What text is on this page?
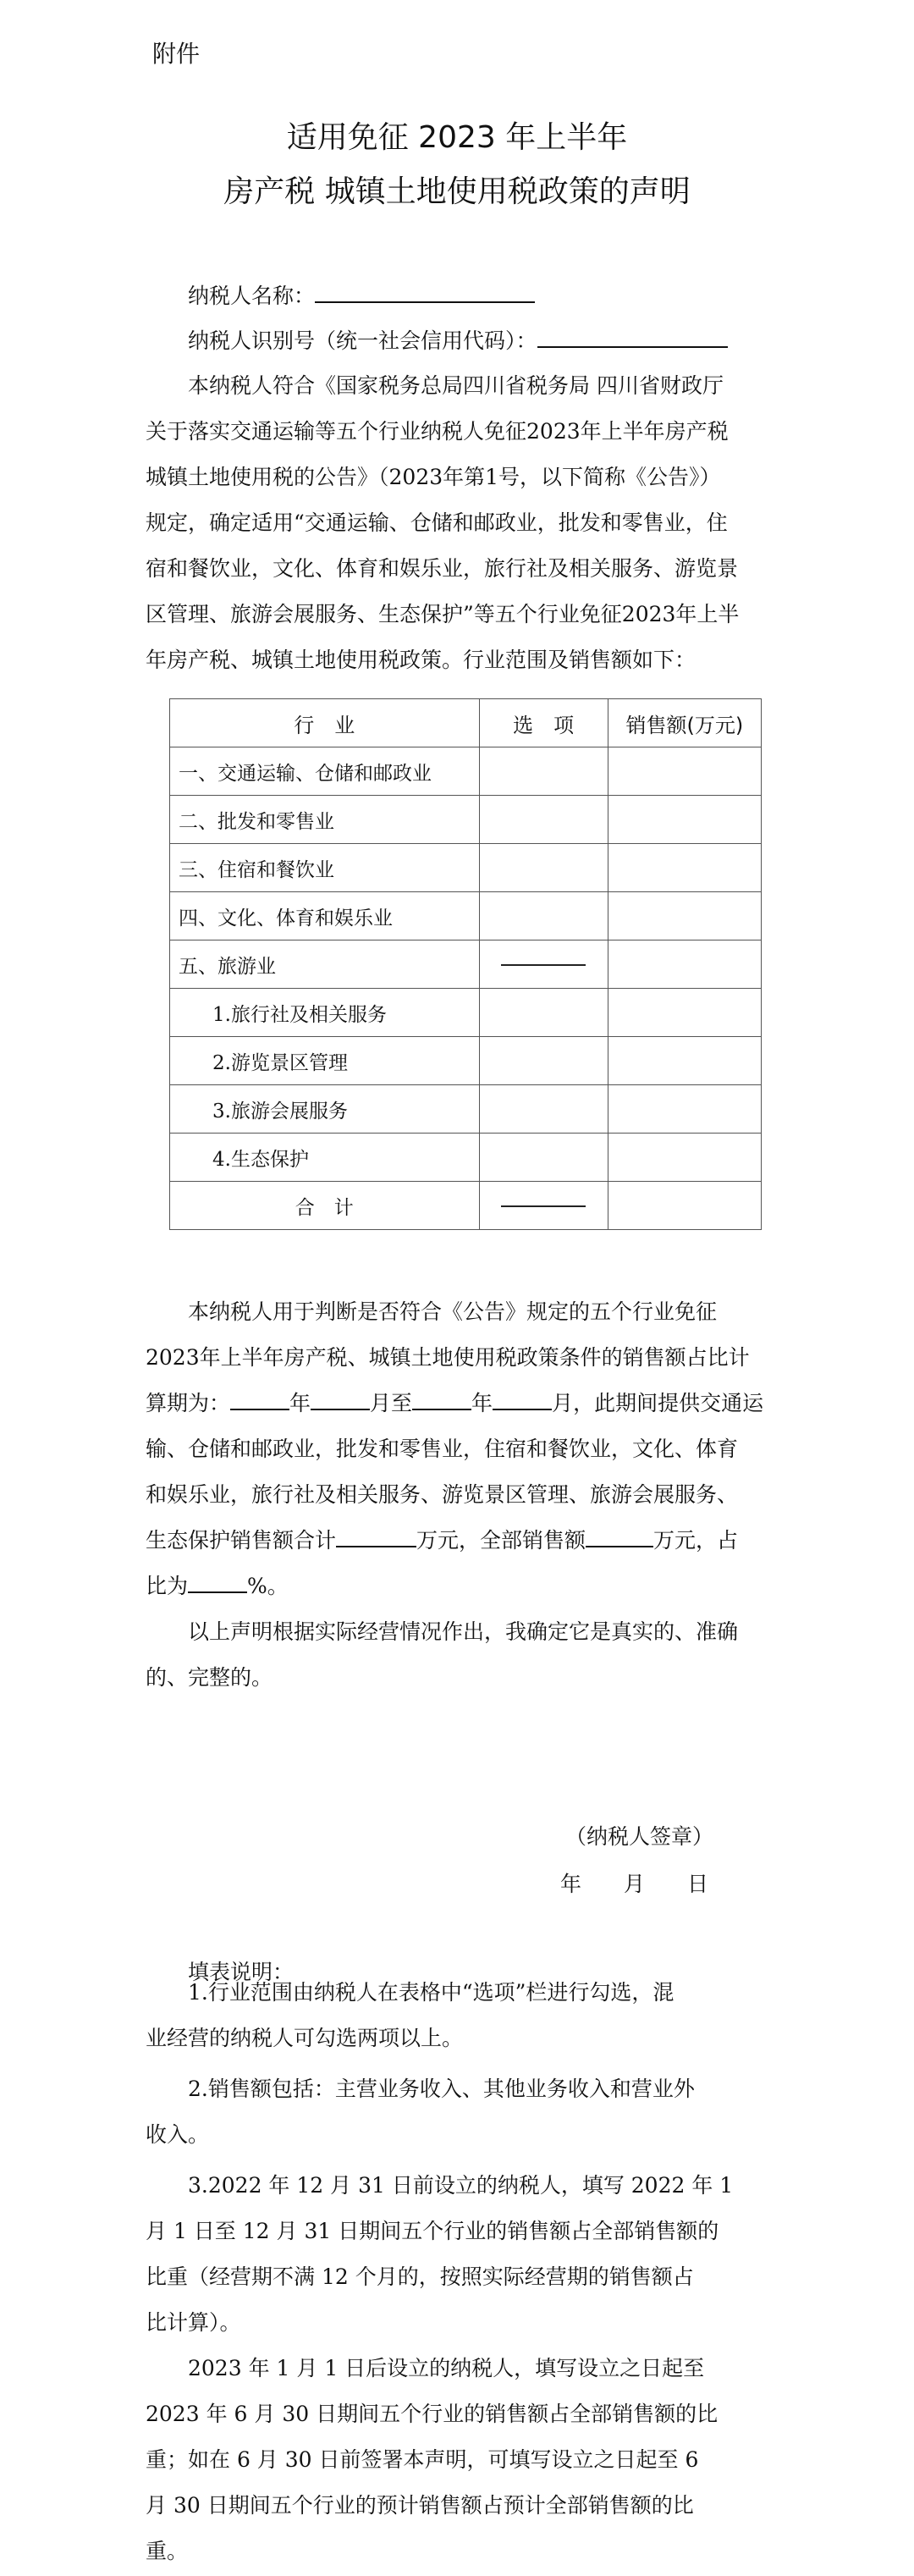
附件
适用免征 2023 年上半年
房产税 城镇土地使用税政策的声明
纳税人名称：
纳税人识别号（统一社会信用代码）：
本纳税人符合《国家税务总局四川省税务局 四川省财政厅
关于落实交通运输等五个行业纳税人免征2023年上半年房产税
城镇土地使用税的公告》（2023年第1号，以下简称《公告》）
规定，确定适用“交通运输、仓储和邮政业，批发和零售业，住
宿和餐饮业，文化、体育和娱乐业，旅行社及相关服务、游览景
区管理、旅游会展服务、生态保护”等五个行业免征2023年上半
年房产税、城镇土地使用税政策。行业范围及销售额如下：
行　业	选　项	销售额(万元)
一、交通运输、仓储和邮政业		
二、批发和零售业		
三、住宿和餐饮业		
四、文化、体育和娱乐业		
五、旅游业		
1.旅行社及相关服务		
2.游览景区管理		
3.旅游会展服务		
4.生态保护		
合　计		
本纳税人用于判断是否符合《公告》规定的五个行业免征
2023年上半年房产税、城镇土地使用税政策条件的销售额占比计
算期为：	年	月至	年	月，此期间提供交通运
输、仓储和邮政业，批发和零售业，住宿和餐饮业，文化、体育
和娱乐业，旅行社及相关服务、游览景区管理、旅游会展服务、
生态保护销售额合计	万元，全部销售额	万元，占
比为	%。
以上声明根据实际经营情况作出，我确定它是真实的、准确
的、完整的。
（纳税人签章）
年　　月　　日
填表说明：
1.行业范围由纳税人在表格中“选项”栏进行勾选，混
业经营的纳税人可勾选两项以上。
2.销售额包括：主营业务收入、其他业务收入和营业外
收入。
3.2022 年 12 月 31 日前设立的纳税人，填写 2022 年 1
月 1 日至 12 月 31 日期间五个行业的销售额占全部销售额的
比重（经营期不满 12 个月的，按照实际经营期的销售额占
比计算）。
2023 年 1 月 1 日后设立的纳税人，填写设立之日起至
2023 年 6 月 30 日期间五个行业的销售额占全部销售额的比
重；如在 6 月 30 日前签署本声明，可填写设立之日起至 6
月 30 日期间五个行业的预计销售额占预计全部销售额的比
重。
